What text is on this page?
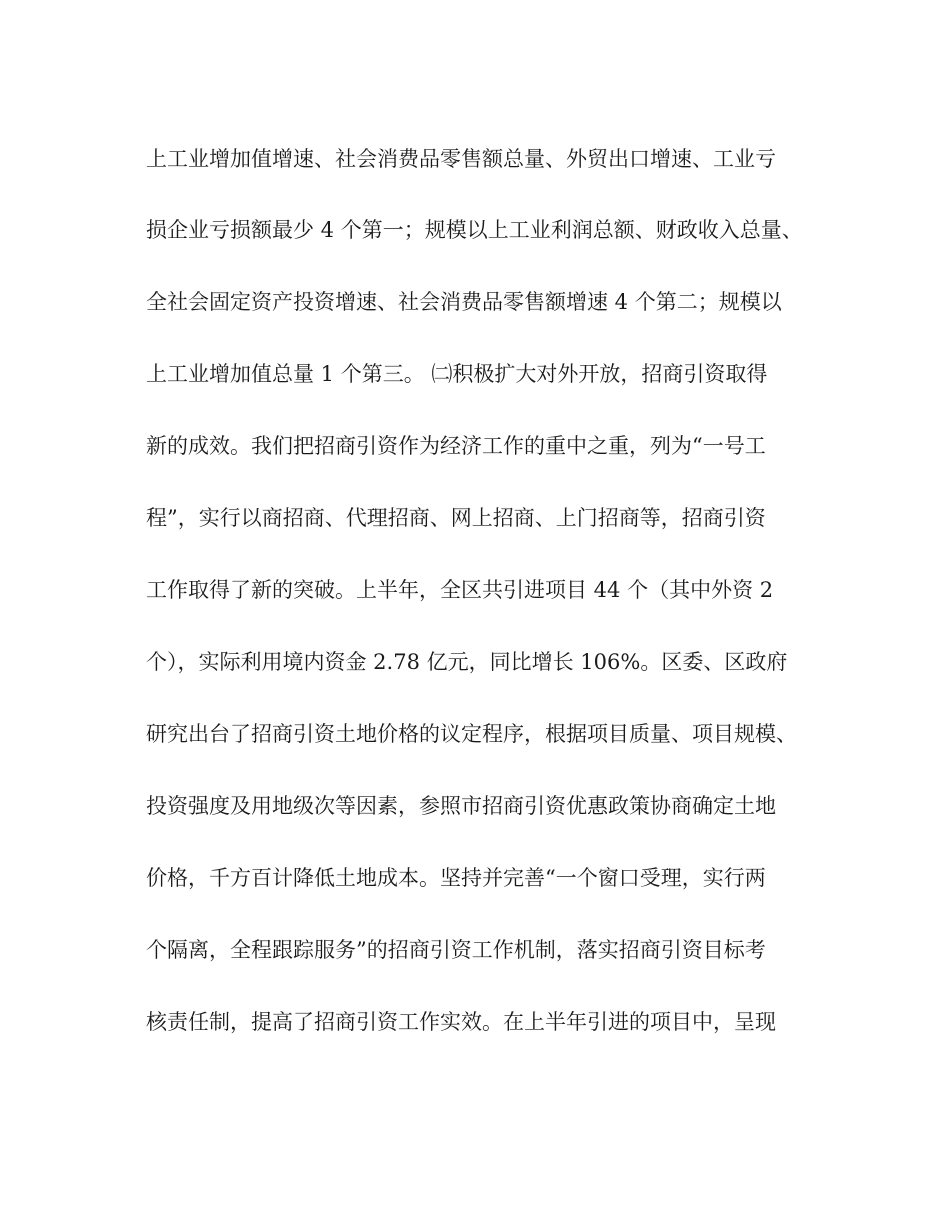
上工业增加值增速、社会消费品零售额总量、外贸出口增速、工业亏
损企业亏损额最少 4 个第一；规模以上工业利润总额、财政收入总量、
全社会固定资产投资增速、社会消费品零售额增速 4 个第二；规模以
上工业增加值总量 1 个第三。 ㈡积极扩大对外开放，招商引资取得
新的成效。我们把招商引资作为经济工作的重中之重，列为“一号工
程”，实行以商招商、代理招商、网上招商、上门招商等，招商引资
工作取得了新的突破。上半年，全区共引进项目 44 个（其中外资 2
个），实际利用境内资金 2.78 亿元，同比增长 106%。区委、区政府
研究出台了招商引资土地价格的议定程序，根据项目质量、项目规模、
投资强度及用地级次等因素，参照市招商引资优惠政策协商确定土地
价格，千方百计降低土地成本。坚持并完善“一个窗口受理，实行两
个隔离，全程跟踪服务”的招商引资工作机制，落实招商引资目标考
核责任制，提高了招商引资工作实效。在上半年引进的项目中，呈现
